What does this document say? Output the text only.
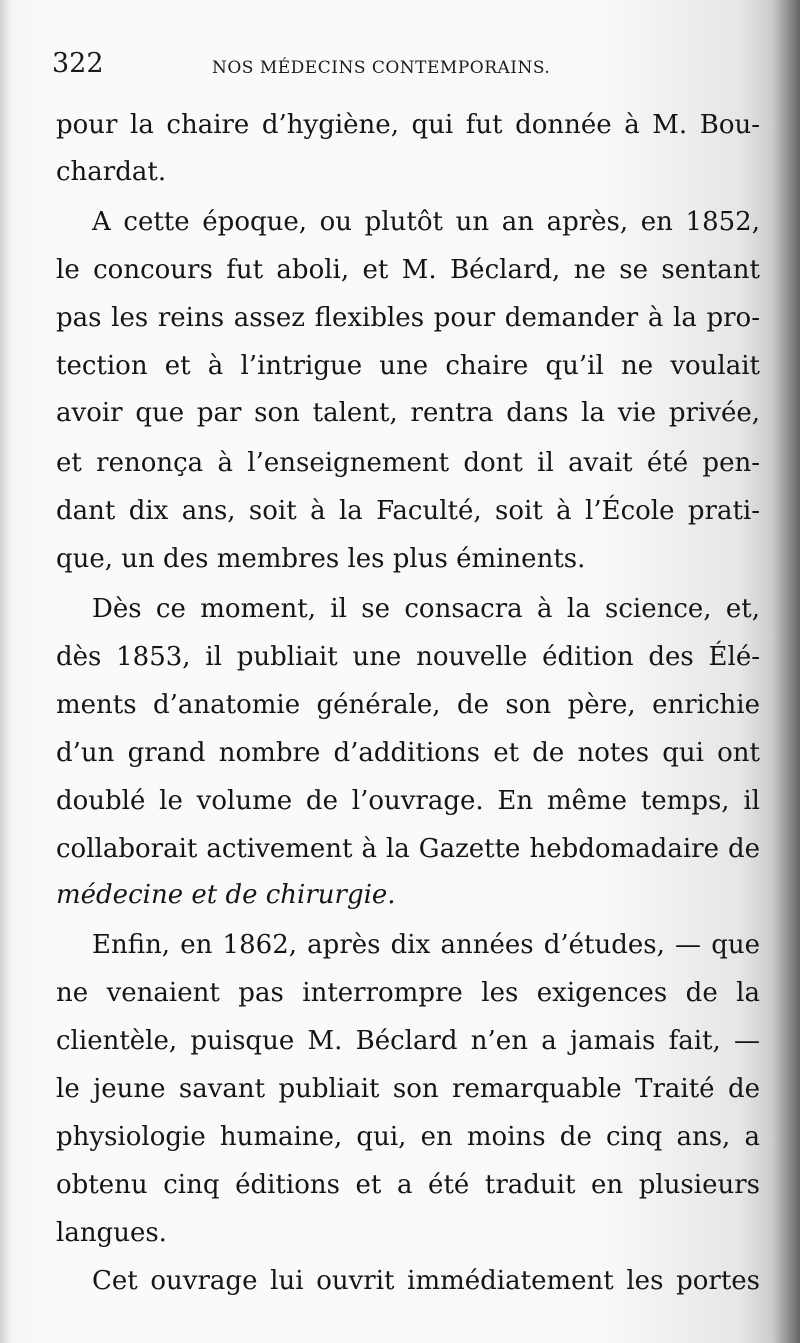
322	NOS MÉDECINS CONTEMPORAINS.
pour la chaire d’hygiène, qui fut donnée à M. Bou-
chardat.
A cette époque, ou plutôt un an après, en 1852,
le concours fut aboli, et M. Béclard, ne se sentant
pas les reins assez flexibles pour demander à la pro-
tection et à l’intrigue une chaire qu’il ne voulait
avoir que par son talent, rentra dans la vie privée,
et renonça à l’enseignement dont il avait été pen-
dant dix ans, soit à la Faculté, soit à l’École prati-
que, un des membres les plus éminents.
Dès ce moment, il se consacra à la science, et,
dès 1853, il publiait une nouvelle édition des Élé-
ments d’anatomie générale, de son père, enrichie
d’un grand nombre d’additions et de notes qui ont
doublé le volume de l’ouvrage. En même temps, il
collaborait activement à la Gazette hebdomadaire de
médecine et de chirurgie.
Enfin, en 1862, après dix années d’études, — que
ne venaient pas interrompre les exigences de la
clientèle, puisque M. Béclard n’en a jamais fait, —
le jeune savant publiait son remarquable Traité de
physiologie humaine, qui, en moins de cinq ans, a
obtenu cinq éditions et a été traduit en plusieurs
langues.
Cet ouvrage lui ouvrit immédiatement les portes
